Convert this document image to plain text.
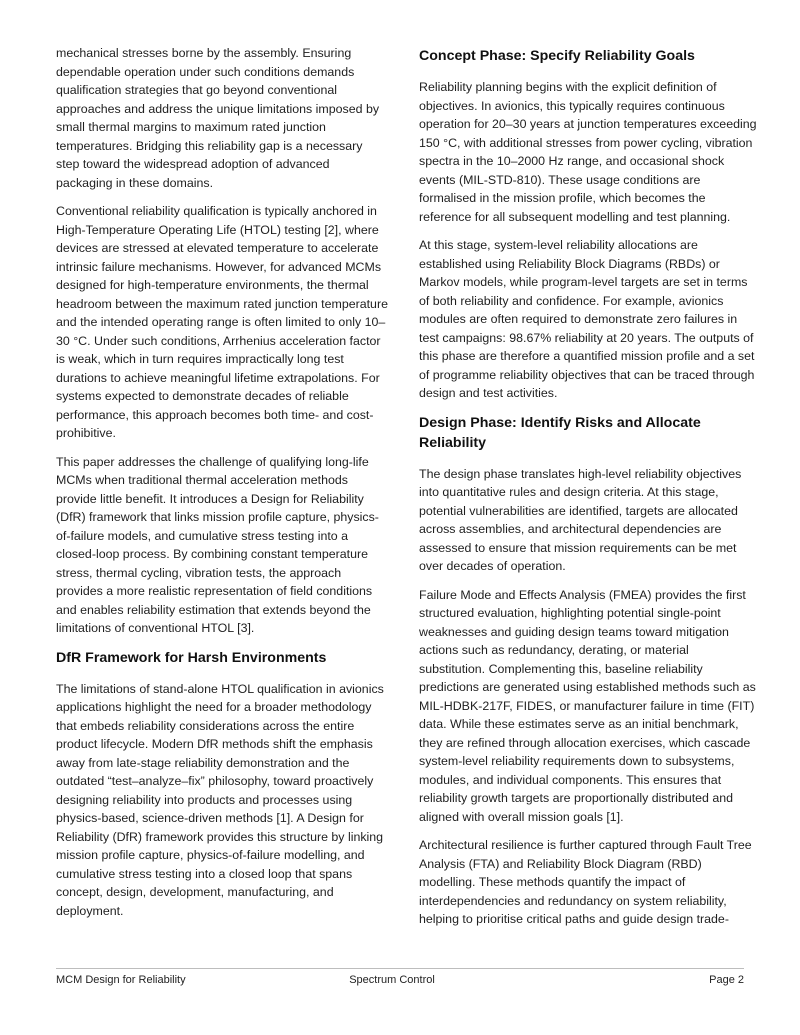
mechanical stresses borne by the assembly. Ensuring dependable operation under such conditions demands qualification strategies that go beyond conventional approaches and address the unique limitations imposed by small thermal margins to maximum rated junction temperatures. Bridging this reliability gap is a necessary step toward the widespread adoption of advanced packaging in these domains.

Conventional reliability qualification is typically anchored in High-Temperature Operating Life (HTOL) testing [2], where devices are stressed at elevated temperature to accelerate intrinsic failure mechanisms. However, for advanced MCMs designed for high-temperature environments, the thermal headroom between the maximum rated junction temperature and the intended operating range is often limited to only 10–30 °C. Under such conditions, Arrhenius acceleration factor is weak, which in turn requires impractically long test durations to achieve meaningful lifetime extrapolations. For systems expected to demonstrate decades of reliable performance, this approach becomes both time- and cost-prohibitive.

This paper addresses the challenge of qualifying long-life MCMs when traditional thermal acceleration methods provide little benefit. It introduces a Design for Reliability (DfR) framework that links mission profile capture, physics-of-failure models, and cumulative stress testing into a closed-loop process. By combining constant temperature stress, thermal cycling, vibration tests, the approach provides a more realistic representation of field conditions and enables reliability estimation that extends beyond the limitations of conventional HTOL [3].

DfR Framework for Harsh Environments

The limitations of stand-alone HTOL qualification in avionics applications highlight the need for a broader methodology that embeds reliability considerations across the entire product lifecycle. Modern DfR methods shift the emphasis away from late-stage reliability demonstration and the outdated “test–analyze–fix” philosophy, toward proactively designing reliability into products and processes using physics-based, science-driven methods [1]. A Design for Reliability (DfR) framework provides this structure by linking mission profile capture, physics-of-failure modelling, and cumulative stress testing into a closed loop that spans concept, design, development, manufacturing, and deployment.

Concept Phase: Specify Reliability Goals

Reliability planning begins with the explicit definition of objectives. In avionics, this typically requires continuous operation for 20–30 years at junction temperatures exceeding 150 °C, with additional stresses from power cycling, vibration spectra in the 10–2000 Hz range, and occasional shock events (MIL-STD-810). These usage conditions are formalised in the mission profile, which becomes the reference for all subsequent modelling and test planning.

At this stage, system-level reliability allocations are established using Reliability Block Diagrams (RBDs) or Markov models, while program-level targets are set in terms of both reliability and confidence. For example, avionics modules are often required to demonstrate zero failures in test campaigns: 98.67% reliability at 20 years. The outputs of this phase are therefore a quantified mission profile and a set of programme reliability objectives that can be traced through design and test activities.

Design Phase: Identify Risks and Allocate Reliability

The design phase translates high-level reliability objectives into quantitative rules and design criteria. At this stage, potential vulnerabilities are identified, targets are allocated across assemblies, and architectural dependencies are assessed to ensure that mission requirements can be met over decades of operation.

Failure Mode and Effects Analysis (FMEA) provides the first structured evaluation, highlighting potential single-point weaknesses and guiding design teams toward mitigation actions such as redundancy, derating, or material substitution. Complementing this, baseline reliability predictions are generated using established methods such as MIL-HDBK-217F, FIDES, or manufacturer failure in time (FIT) data. While these estimates serve as an initial benchmark, they are refined through allocation exercises, which cascade system-level reliability requirements down to subsystems, modules, and individual components. This ensures that reliability growth targets are proportionally distributed and aligned with overall mission goals [1].

Architectural resilience is further captured through Fault Tree Analysis (FTA) and Reliability Block Diagram (RBD) modelling. These methods quantify the impact of interdependencies and redundancy on system reliability, helping to prioritise critical paths and guide design trade-

MCM Design for Reliability	Spectrum Control	Page 2
